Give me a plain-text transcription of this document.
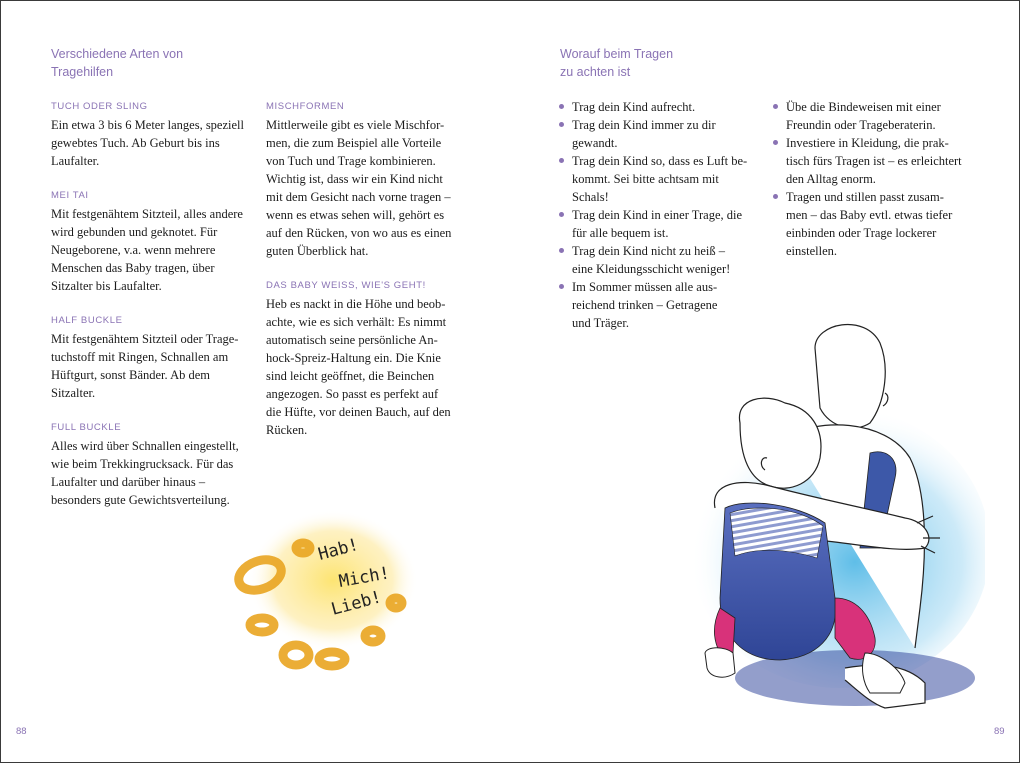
Verschiedene Arten von
Tragehilfen
TUCH ODER SLING

Ein etwa 3 bis 6 Meter langes, speziell
gewebtes Tuch. Ab Geburt bis ins
Laufalter.

MEI TAI

Mit festgenähtem Sitzteil, alles andere
wird gebunden und geknotet. Für
Neugeborene, v.a. wenn mehrere
Menschen das Baby tragen, über
Sitzalter bis Laufalter.

HALF BUCKLE

Mit festgenähtem Sitzteil oder Trage-
tuchstoff mit Ringen, Schnallen am
Hüftgurt, sonst Bänder. Ab dem
Sitzalter.

FULL BUCKLE

Alles wird über Schnallen eingestellt,
wie beim Trekkingrucksack. Für das
Laufalter und darüber hinaus –
besonders gute Gewichtsverteilung.

MISCHFORMEN

Mittlerweile gibt es viele Mischfor-
men, die zum Beispiel alle Vorteile
von Tuch und Trage kombinieren.
Wichtig ist, dass wir ein Kind nicht
mit dem Gesicht nach vorne tragen –
wenn es etwas sehen will, gehört es
auf den Rücken, von wo aus es einen
guten Überblick hat.

DAS BABY WEISS, WIE'S GEHT!

Heb es nackt in die Höhe und beob-
achte, wie es sich verhält: Es nimmt
automatisch seine persönliche An-
hock-Spreiz-Haltung ein. Die Knie
sind leicht geöffnet, die Beinchen
angezogen. So passt es perfekt auf
die Hüfte, vor deinen Bauch, auf den
Rücken.

Hab!
Mich!
Lieb!
88
Worauf beim Tragen
zu achten ist
Trag dein Kind aufrecht.
Trag dein Kind immer zu dir
gewandt.
Trag dein Kind so, dass es Luft be-
kommt. Sei bitte achtsam mit
Schals!
Trag dein Kind in einer Trage, die
für alle bequem ist.
Trag dein Kind nicht zu heiß –
eine Kleidungsschicht weniger!
Im Sommer müssen alle aus-
reichend trinken – Getragene
und Träger.
Übe die Bindeweisen mit einer
Freundin oder Trageberaterin.
Investiere in Kleidung, die prak-
tisch fürs Tragen ist – es erleichtert
den Alltag enorm.
Tragen und stillen passt zusam-
men – das Baby evtl. etwas tiefer
einbinden oder Trage lockerer
einstellen.
89
